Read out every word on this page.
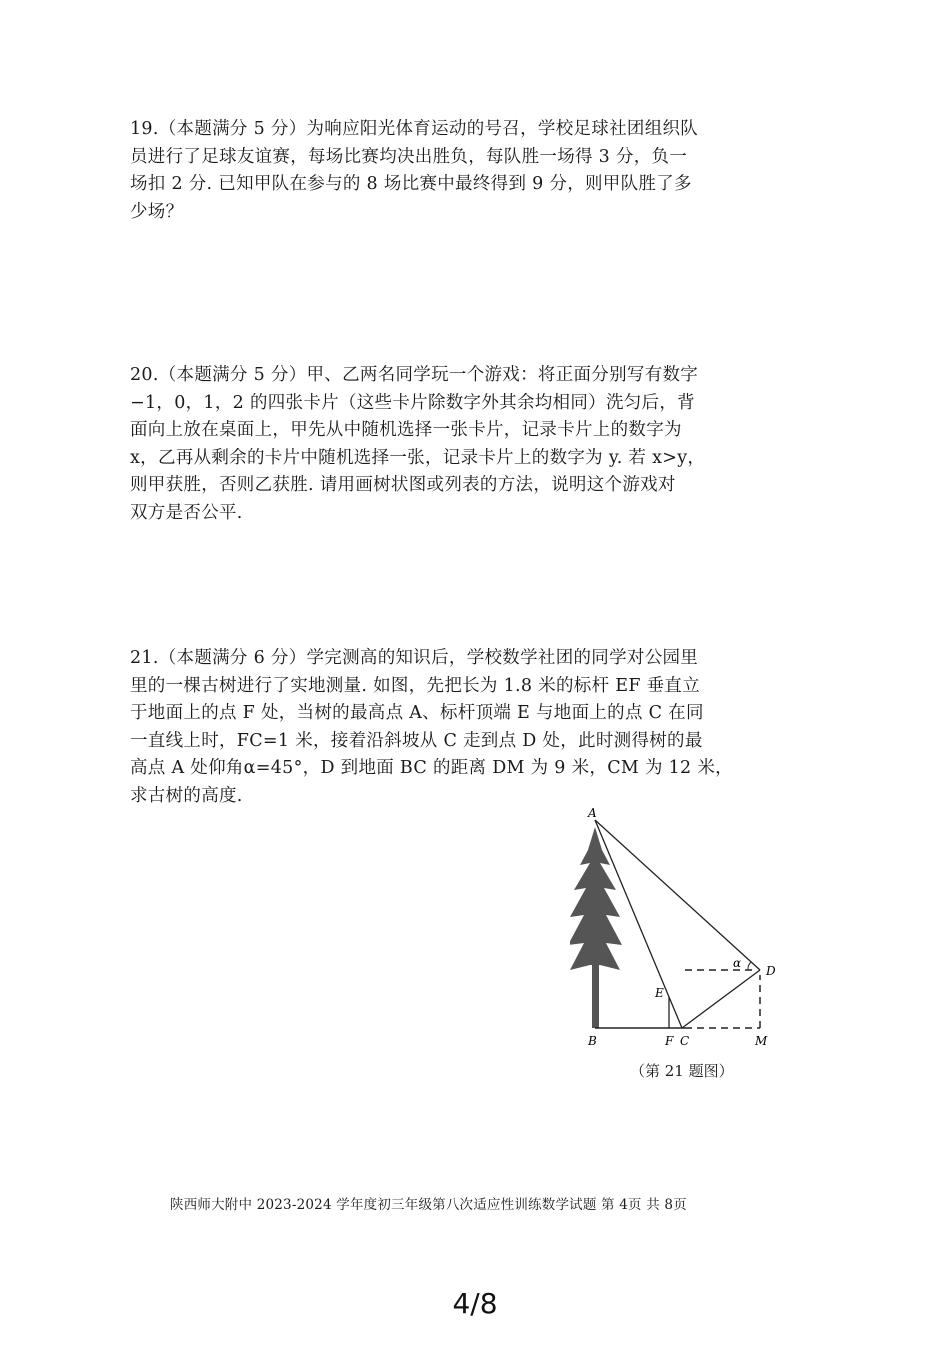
19.（本题满分 5 分）为响应阳光体育运动的号召，学校足球社团组织队
员进行了足球友谊赛，每场比赛均决出胜负，每队胜一场得 3 分，负一
场扣 2 分. 已知甲队在参与的 8 场比赛中最终得到 9 分，则甲队胜了多
少场？
20.（本题满分 5 分）甲、乙两名同学玩一个游戏：将正面分别写有数字
−1，0，1，2 的四张卡片（这些卡片除数字外其余均相同）洗匀后，背
面向上放在桌面上，甲先从中随机选择一张卡片，记录卡片上的数字为
x，乙再从剩余的卡片中随机选择一张，记录卡片上的数字为 y. 若 x>y，
则甲获胜，否则乙获胜. 请用画树状图或列表的方法，说明这个游戏对
双方是否公平.
21.（本题满分 6 分）学完测高的知识后，学校数学社团的同学对公园里
里的一棵古树进行了实地测量. 如图，先把长为 1.8 米的标杆 EF 垂直立
于地面上的点 F 处，当树的最高点 A、标杆顶端 E 与地面上的点 C 在同
一直线上时，FC=1 米，接着沿斜坡从 C 走到点 D 处，此时测得树的最
高点 A 处仰角α=45°，D 到地面 BC 的距离 DM 为 9 米，CM 为 12 米，
求古树的高度.
A
B	F C	M
D
E
α
（第 21 题图）
陕西师大附中 2023-2024 学年度初三年级第八次适应性训练数学试题 第 4页 共 8页
4/8
